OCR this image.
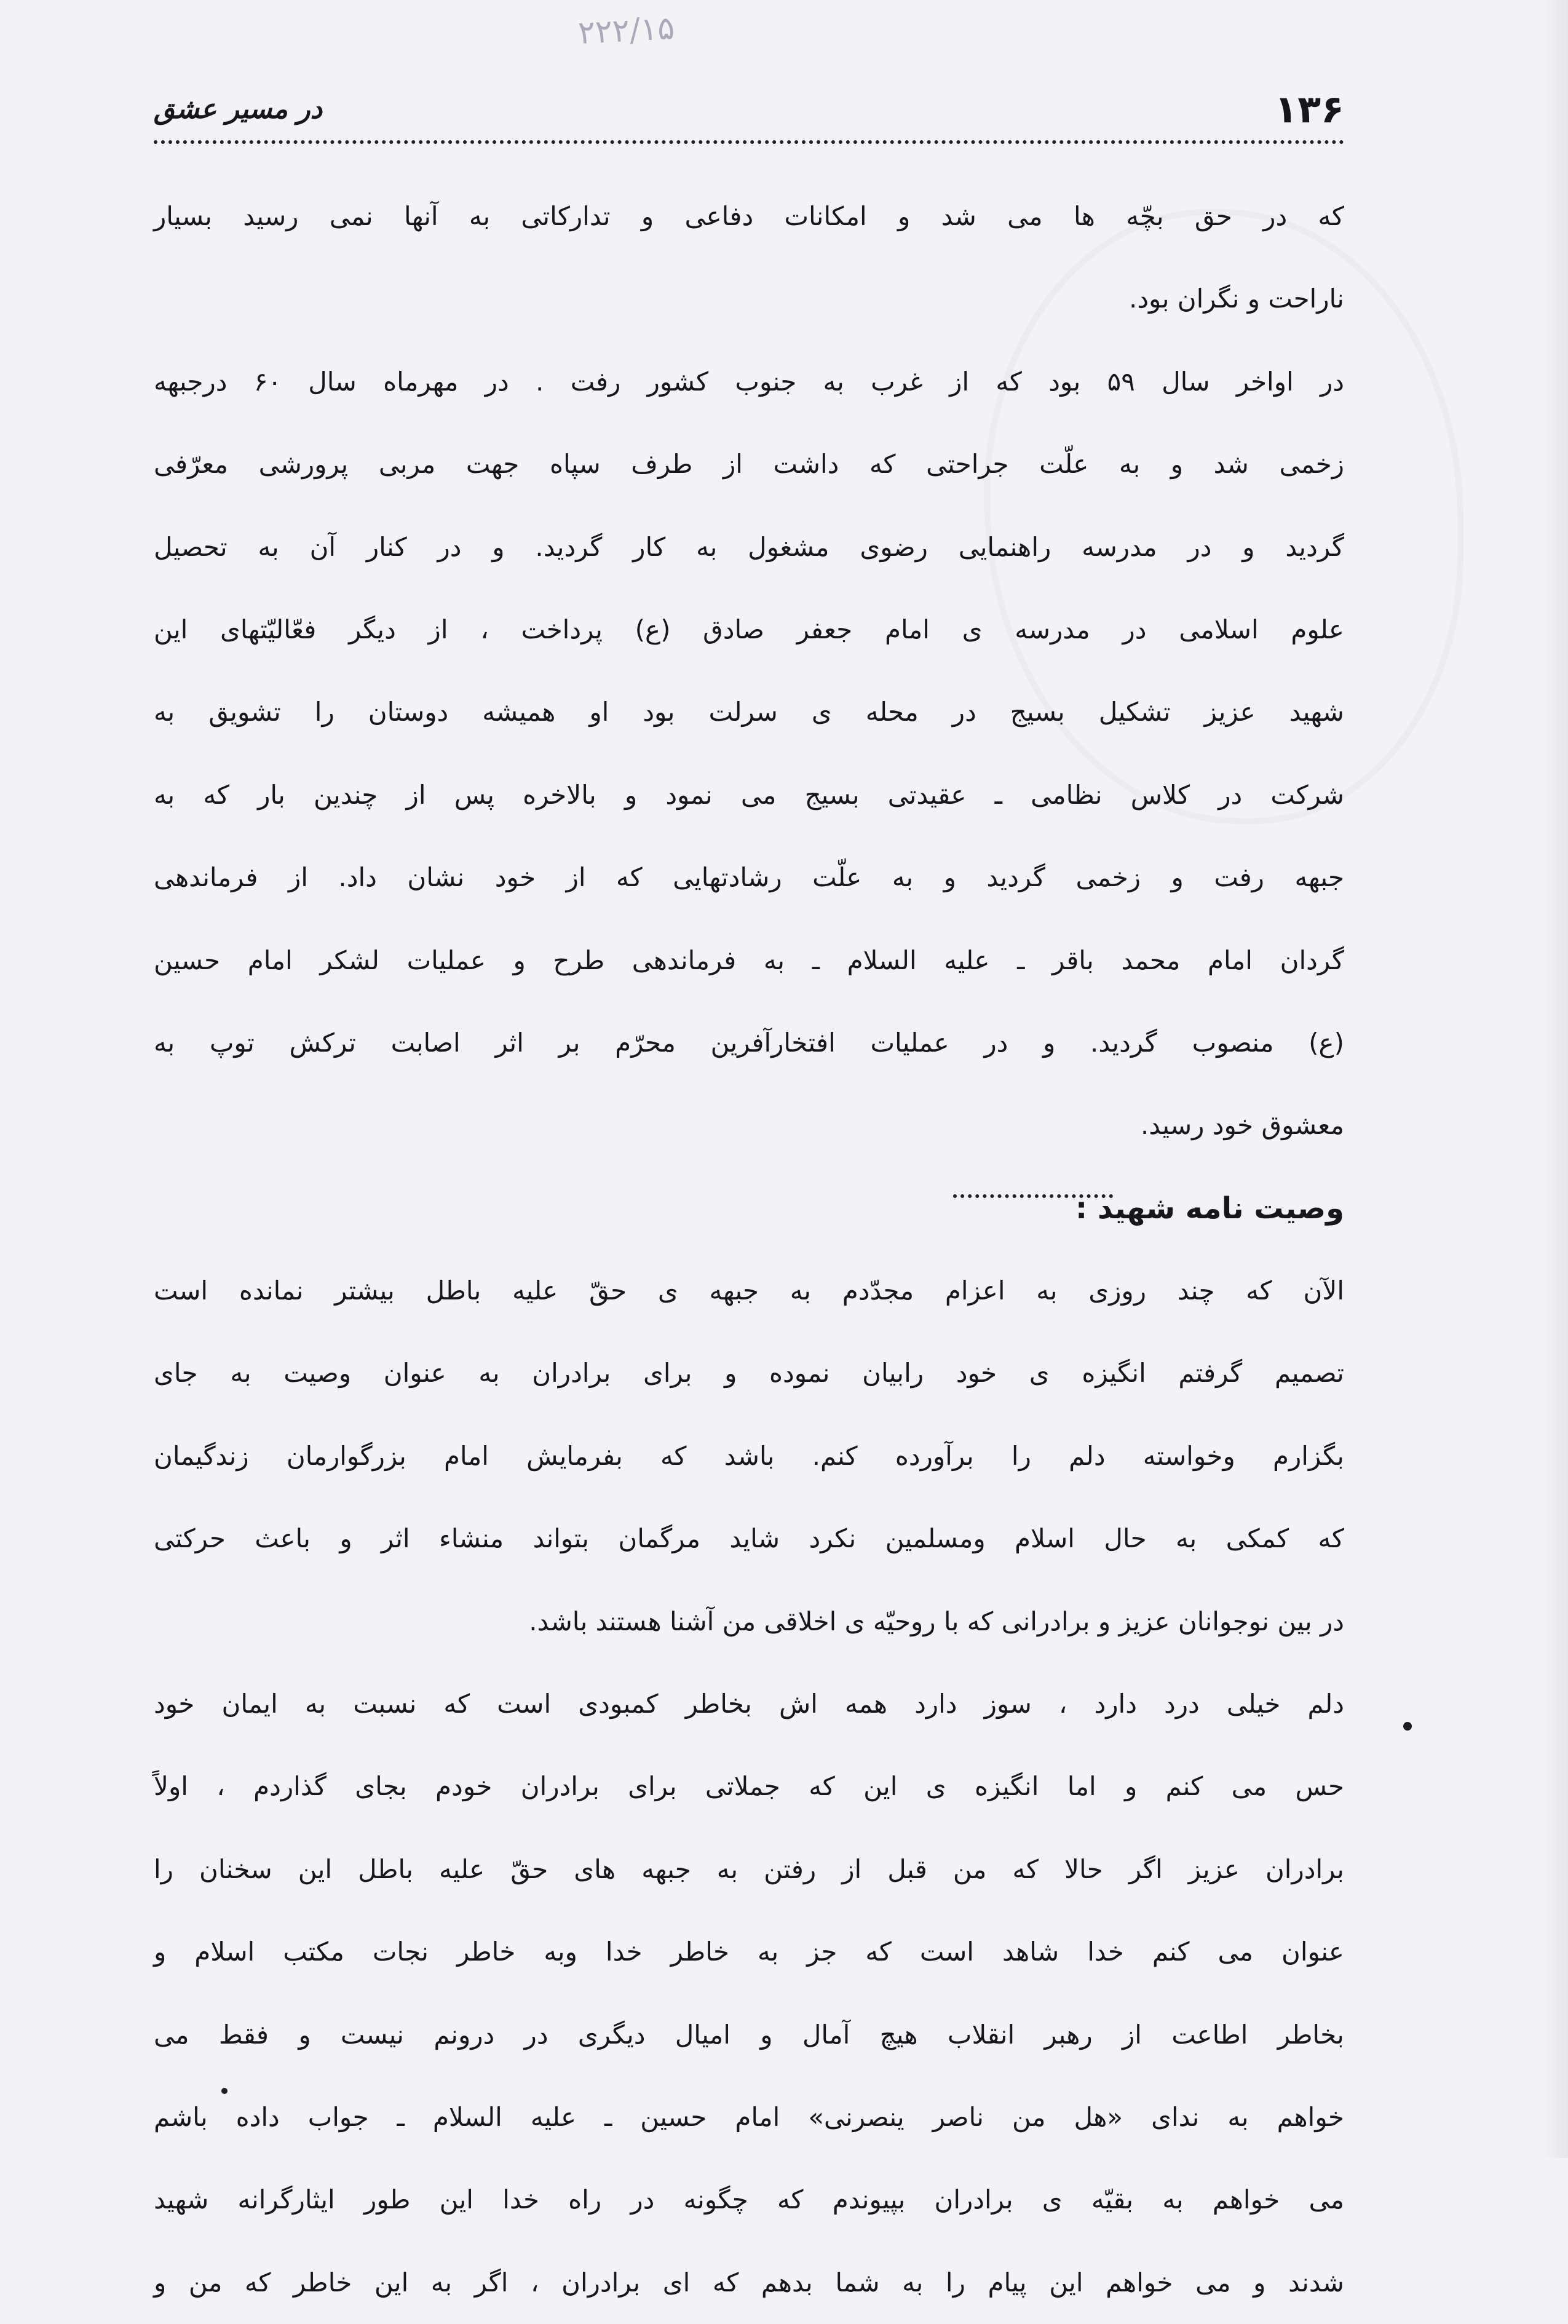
۲۲۲/۱۵
۱۳۶
در مسیر عشق
که در حق بچّه ها می شد و امکانات دفاعی و تدارکاتی به آنها نمی رسید بسیار
ناراحت و نگران بود.
در اواخر سال ۵۹ بود که از غرب به جنوب کشور رفت . در مهرماه سال ۶۰ درجبهه
زخمی شد و به علّت جراحتی که داشت از طرف سپاه جهت مربی پرورشی معرّفی
گردید و در مدرسه راهنمایی رضوی مشغول به کار گردید. و در کنار آن به تحصیل
علوم اسلامی در مدرسه ی امام جعفر صادق (ع) پرداخت ، از دیگر فعّالیّتهای این
شهید عزیز تشکیل بسیج در محله ی سرلت بود او همیشه دوستان را تشویق به
شرکت در کلاس نظامی ـ عقیدتی بسیج می نمود و بالاخره پس از چندین بار که به
جبهه رفت و زخمی گردید و به علّت رشادتهایی که از خود نشان داد. از فرماندهی
گردان امام محمد باقر ـ علیه السلام ـ به فرماندهی طرح و عملیات لشکر امام حسین
(ع) منصوب گردید. و در عملیات افتخارآفرین محرّم بر اثر اصابت ترکش توپ به
معشوق خود رسید.
وصیت نامه شهید :
الآن که چند روزی به اعزام مجدّدم به جبهه ی حقّ علیه باطل بیشتر نمانده است
تصمیم گرفتم انگیزه ی خود رابیان نموده و برای برادران به عنوان وصیت به جای
بگزارم وخواسته دلم را برآورده کنم. باشد که بفرمایش امام بزرگوارمان زندگیمان
که کمکی به حال اسلام ومسلمین نکرد شاید مرگمان بتواند منشاء اثر و باعث حرکتی
در بین نوجوانان عزیز و برادرانی که با روحیّه ی اخلاقی من آشنا هستند باشد.
دلم خیلی درد دارد ، سوز دارد همه اش بخاطر کمبودی است که نسبت به ایمان خود
حس می کنم و اما انگیزه ی این که جملاتی برای برادران خودم بجای گذاردم ، اولاً
برادران عزیز اگر حالا که من قبل از رفتن به جبهه های حقّ علیه باطل این سخنان را
عنوان می کنم خدا شاهد است که جز به خاطر خدا وبه خاطر نجات مکتب اسلام و
بخاطر اطاعت از رهبر انقلاب هیچ آمال و امیال دیگری در درونم نیست و فقط می
خواهم به ندای «هل من ناصر ینصرنی» امام حسین ـ علیه السلام ـ جواب داده باشم
می خواهم به بقیّه ی برادران بپیوندم که چگونه در راه خدا این طور ایثارگرانه شهید
شدند و می خواهم این پیام را به شما بدهم که ای برادران ، اگر به این خاطر که من و
